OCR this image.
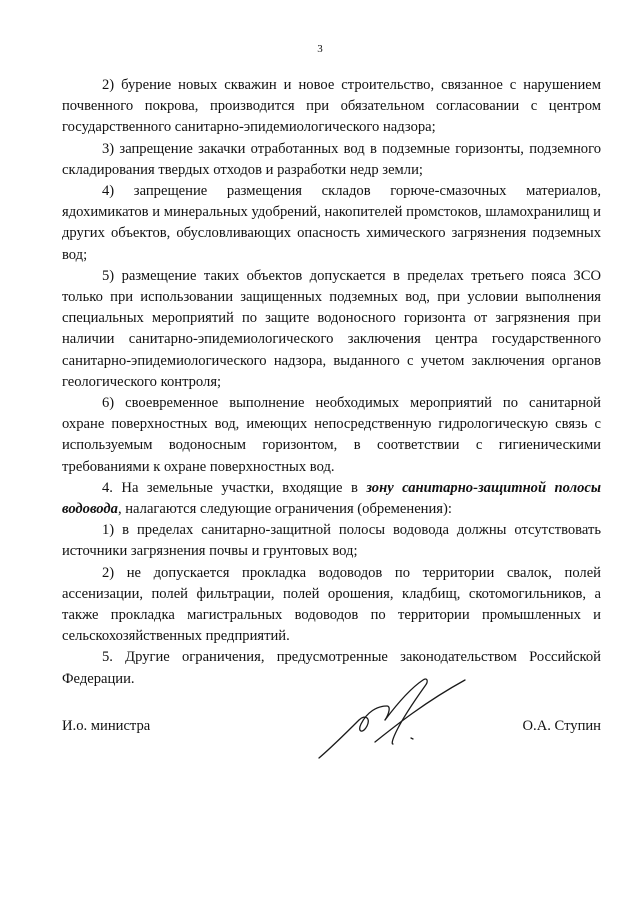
3

2) бурение новых скважин и новое строительство, связанное с нарушением почвенного покрова, производится при обязательном согласовании с центром государственного санитарно-эпидемиологического надзора;

3) запрещение закачки отработанных вод в подземные горизонты, подземного складирования твердых отходов и разработки недр земли;

4) запрещение размещения складов горюче-смазочных материалов, ядохимикатов и минеральных удобрений, накопителей промстоков, шламохранилищ и других объектов, обусловливающих опасность химического загрязнения подземных вод;

5) размещение таких объектов допускается в пределах третьего пояса ЗСО только при использовании защищенных подземных вод, при условии выполнения специальных мероприятий по защите водоносного горизонта от загрязнения при наличии санитарно-эпидемиологического заключения центра государственного санитарно-эпидемиологического надзора, выданного с учетом заключения органов геологического контроля;

6) своевременное выполнение необходимых мероприятий по санитарной охране поверхностных вод, имеющих непосредственную гидрологическую связь с используемым водоносным горизонтом, в соответствии с гигиеническими требованиями к охране поверхностных вод.

4. На земельные участки, входящие в зону санитарно-защитной полосы водовода, налагаются следующие ограничения (обременения):

1) в пределах санитарно-защитной полосы водовода должны отсутствовать источники загрязнения почвы и грунтовых вод;

2) не допускается прокладка водоводов по территории свалок, полей ассенизации, полей фильтрации, полей орошения, кладбищ, скотомогильников, а также прокладка магистральных водоводов по территории промышленных и сельскохозяйственных предприятий.

5. Другие ограничения, предусмотренные законодательством Российской Федерации.

И.о. министра	О.А. Ступин
